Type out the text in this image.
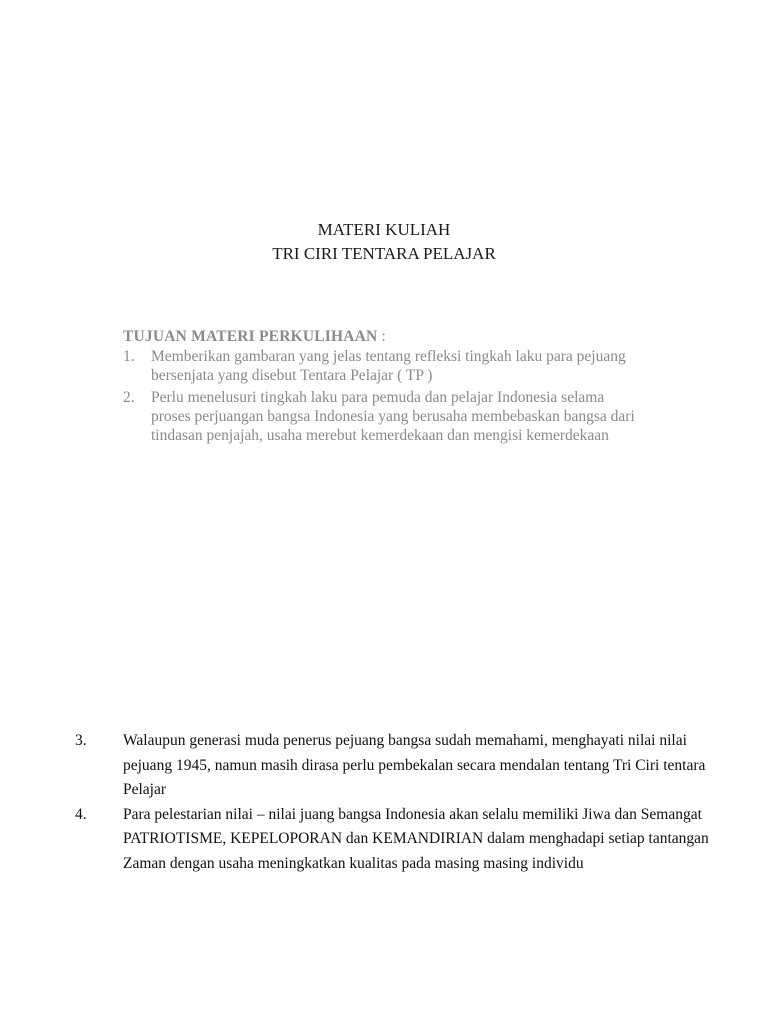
MATERI KULIAH
TRI CIRI TENTARA PELAJAR
TUJUAN MATERI PERKULIHAAN :
1.	Memberikan gambaran yang jelas tentang refleksi tingkah laku para pejuang bersenjata yang disebut Tentara Pelajar ( TP )
2.	Perlu menelusuri tingkah laku para pemuda dan pelajar Indonesia selama proses perjuangan bangsa Indonesia yang berusaha membebaskan bangsa dari tindasan penjajah, usaha merebut kemerdekaan dan mengisi kemerdekaan
3.	Walaupun generasi muda penerus pejuang bangsa sudah memahami, menghayati nilai nilai pejuang 1945, namun masih dirasa perlu pembekalan secara mendalan tentang Tri Ciri tentara Pelajar
4.	Para pelestarian nilai – nilai juang bangsa Indonesia akan selalu memiliki Jiwa dan Semangat PATRIOTISME, KEPELOPORAN dan KEMANDIRIAN dalam menghadapi setiap tantangan Zaman dengan usaha meningkatkan kualitas pada masing masing individu
